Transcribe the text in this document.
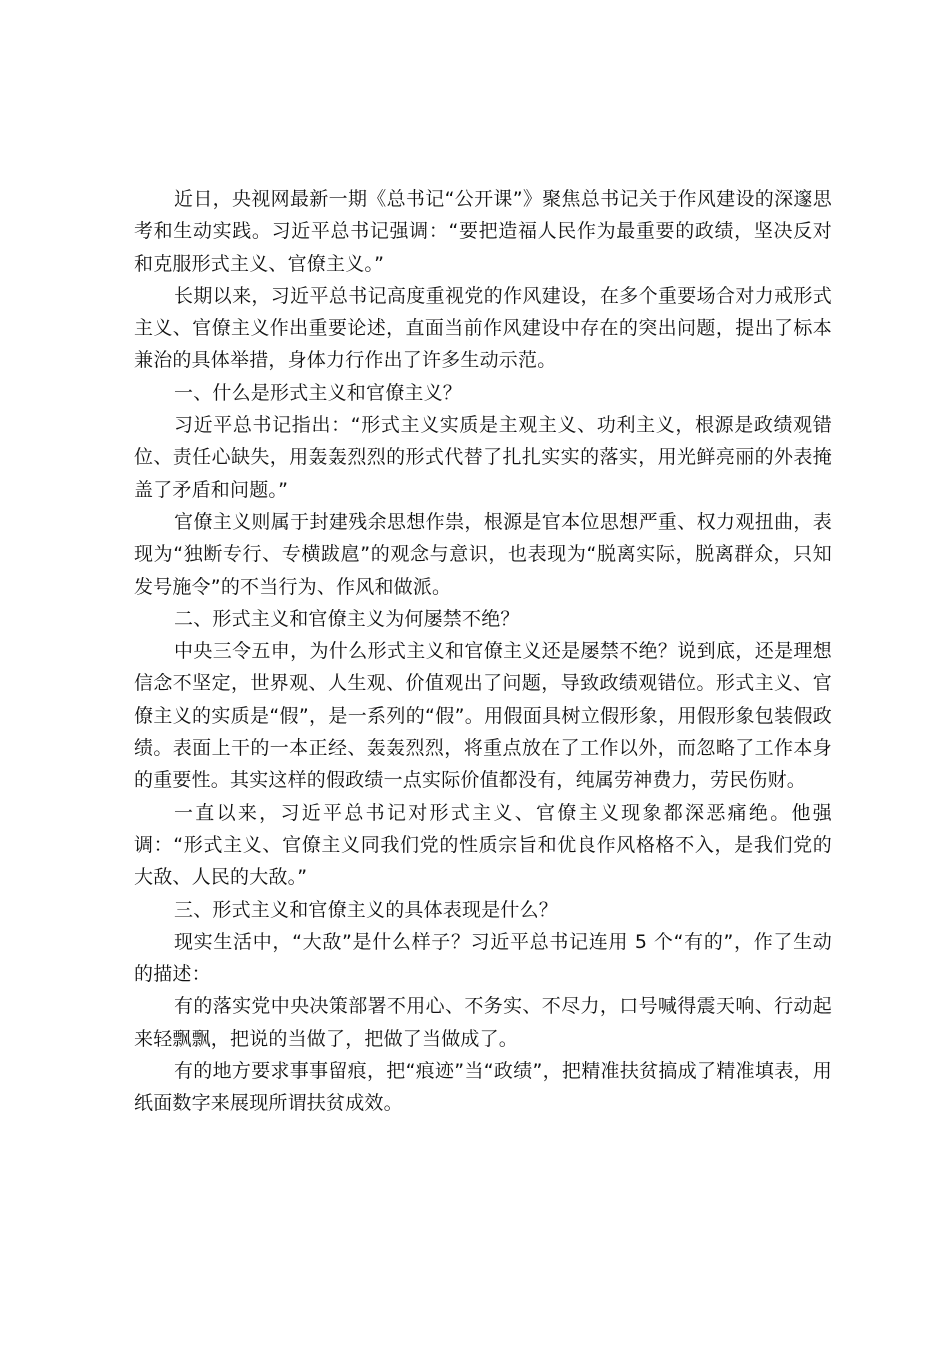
近日，央视网最新一期《总书记“公开课”》聚焦总书记关于作风建设的深邃思考和生动实践。习近平总书记强调：“要把造福人民作为最重要的政绩，坚决反对和克服形式主义、官僚主义。”

长期以来，习近平总书记高度重视党的作风建设，在多个重要场合对力戒形式主义、官僚主义作出重要论述，直面当前作风建设中存在的突出问题，提出了标本兼治的具体举措，身体力行作出了许多生动示范。

一、什么是形式主义和官僚主义？

习近平总书记指出：“形式主义实质是主观主义、功利主义，根源是政绩观错位、责任心缺失，用轰轰烈烈的形式代替了扎扎实实的落实，用光鲜亮丽的外表掩盖了矛盾和问题。”

官僚主义则属于封建残余思想作祟，根源是官本位思想严重、权力观扭曲，表现为“独断专行、专横跋扈”的观念与意识，也表现为“脱离实际，脱离群众，只知发号施令”的不当行为、作风和做派。

二、形式主义和官僚主义为何屡禁不绝？

中央三令五申，为什么形式主义和官僚主义还是屡禁不绝？说到底，还是理想信念不坚定，世界观、人生观、价值观出了问题，导致政绩观错位。形式主义、官僚主义的实质是“假”，是一系列的“假”。用假面具树立假形象，用假形象包装假政绩。表面上干的一本正经、轰轰烈烈，将重点放在了工作以外，而忽略了工作本身的重要性。其实这样的假政绩一点实际价值都没有，纯属劳神费力，劳民伤财。

一直以来，习近平总书记对形式主义、官僚主义现象都深恶痛绝。他强调：“形式主义、官僚主义同我们党的性质宗旨和优良作风格格不入，是我们党的大敌、人民的大敌。”

三、形式主义和官僚主义的具体表现是什么？

现实生活中，“大敌”是什么样子？习近平总书记连用 5 个“有的”，作了生动的描述：

有的落实党中央决策部署不用心、不务实、不尽力，口号喊得震天响、行动起来轻飘飘，把说的当做了，把做了当做成了。

有的地方要求事事留痕，把“痕迹”当“政绩”，把精准扶贫搞成了精准填表，用纸面数字来展现所谓扶贫成效。
